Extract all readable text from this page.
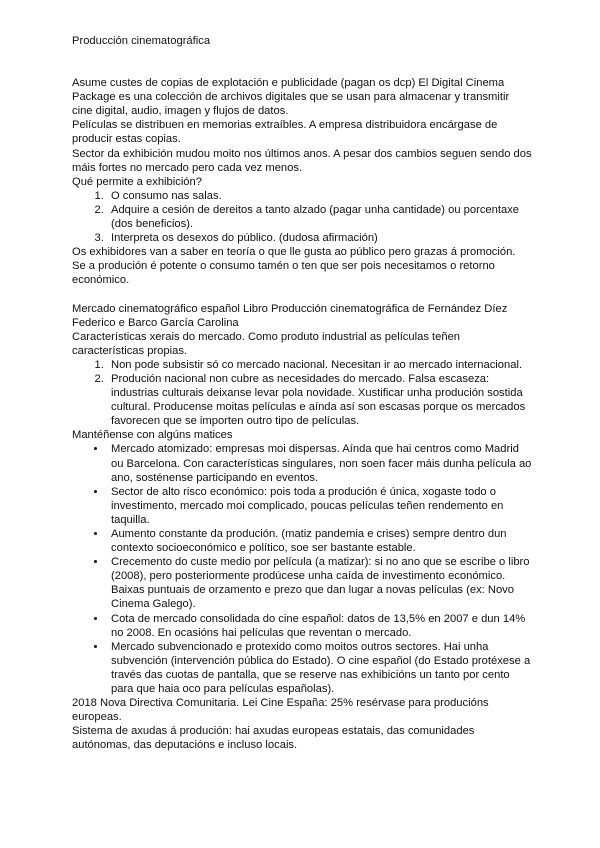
Producción cinematográfica

Asume custes de copias de explotación e publicidade (pagan os dcp) El Digital Cinema Package es una colección de archivos digitales que se usan para almacenar y transmitir cine digital, audio, imagen y flujos de datos.

Películas se distribuen en memorias extraíbles. A empresa distribuidora encárgase de producir estas copias.

Sector da exhibición mudou moito nos últimos anos. A pesar dos cambios seguen sendo dos máis fortes no mercado pero cada vez menos.

Qué permite a exhibición?

1. O consumo nas salas.
2. Adquire a cesión de dereitos a tanto alzado (pagar unha cantidade) ou porcentaxe (dos beneficios).
3. Interpreta os desexos do público. (dudosa afirmación)

Os exhibidores van a saber en teoría o que lle gusta ao público pero grazas á promoción.

Se a produción é potente o consumo tamén o ten que ser pois necesitamos o retorno económico.

Mercado cinematográfico español Libro Producción cinematográfica de Fernández Díez Federico e Barco García Carolina

Características xerais do mercado. Como produto industrial as películas teñen características propias.

1. Non pode subsistir só co mercado nacional. Necesitan ir ao mercado internacional.
2. Produción nacional non cubre as necesidades do mercado. Falsa escaseza: industrias culturais deixanse levar pola novidade. Xustificar unha produción sostida cultural. Producense moitas películas e aínda así son escasas porque os mercados favorecen que se importen outro tipo de películas.

Mantéñense con algúns matices

• Mercado atomizado: empresas moi dispersas. Aínda que hai centros como Madrid ou Barcelona. Con características singulares, non soen facer máis dunha película ao ano, sosténense participando en eventos.
• Sector de alto risco económico: pois toda a produción é única, xogaste todo o investimento, mercado moi complicado, poucas películas teñen rendemento en taquilla.
• Aumento constante da produción. (matiz pandemia e crises) sempre dentro dun contexto socioeconómico e político, soe ser bastante estable.
• Crecemento do custe medio por película (a matizar): si no ano que se escribe o libro (2008), pero posteriormente prodúcese unha caída de investimento económico. Baixas puntuais de orzamento e prezo que dan lugar a novas películas (ex: Novo Cinema Galego).
• Cota de mercado consolidada do cine español: datos de 13,5% en 2007 e dun 14% no 2008. En ocasións hai películas que reventan o mercado.
• Mercado subvencionado e protexido como moitos outros sectores. Hai unha subvención (intervención pública do Estado). O cine español (do Estado protéxese a través das cuotas de pantalla, que se reserve nas exhibicións un tanto por cento para que haia oco para películas españolas).

2018 Nova Directiva Comunitaria. Lei Cine España: 25% resérvase para producións europeas.

Sistema de axudas á produción: hai axudas europeas estatais, das comunidades autónomas, das deputacións e incluso locais.
